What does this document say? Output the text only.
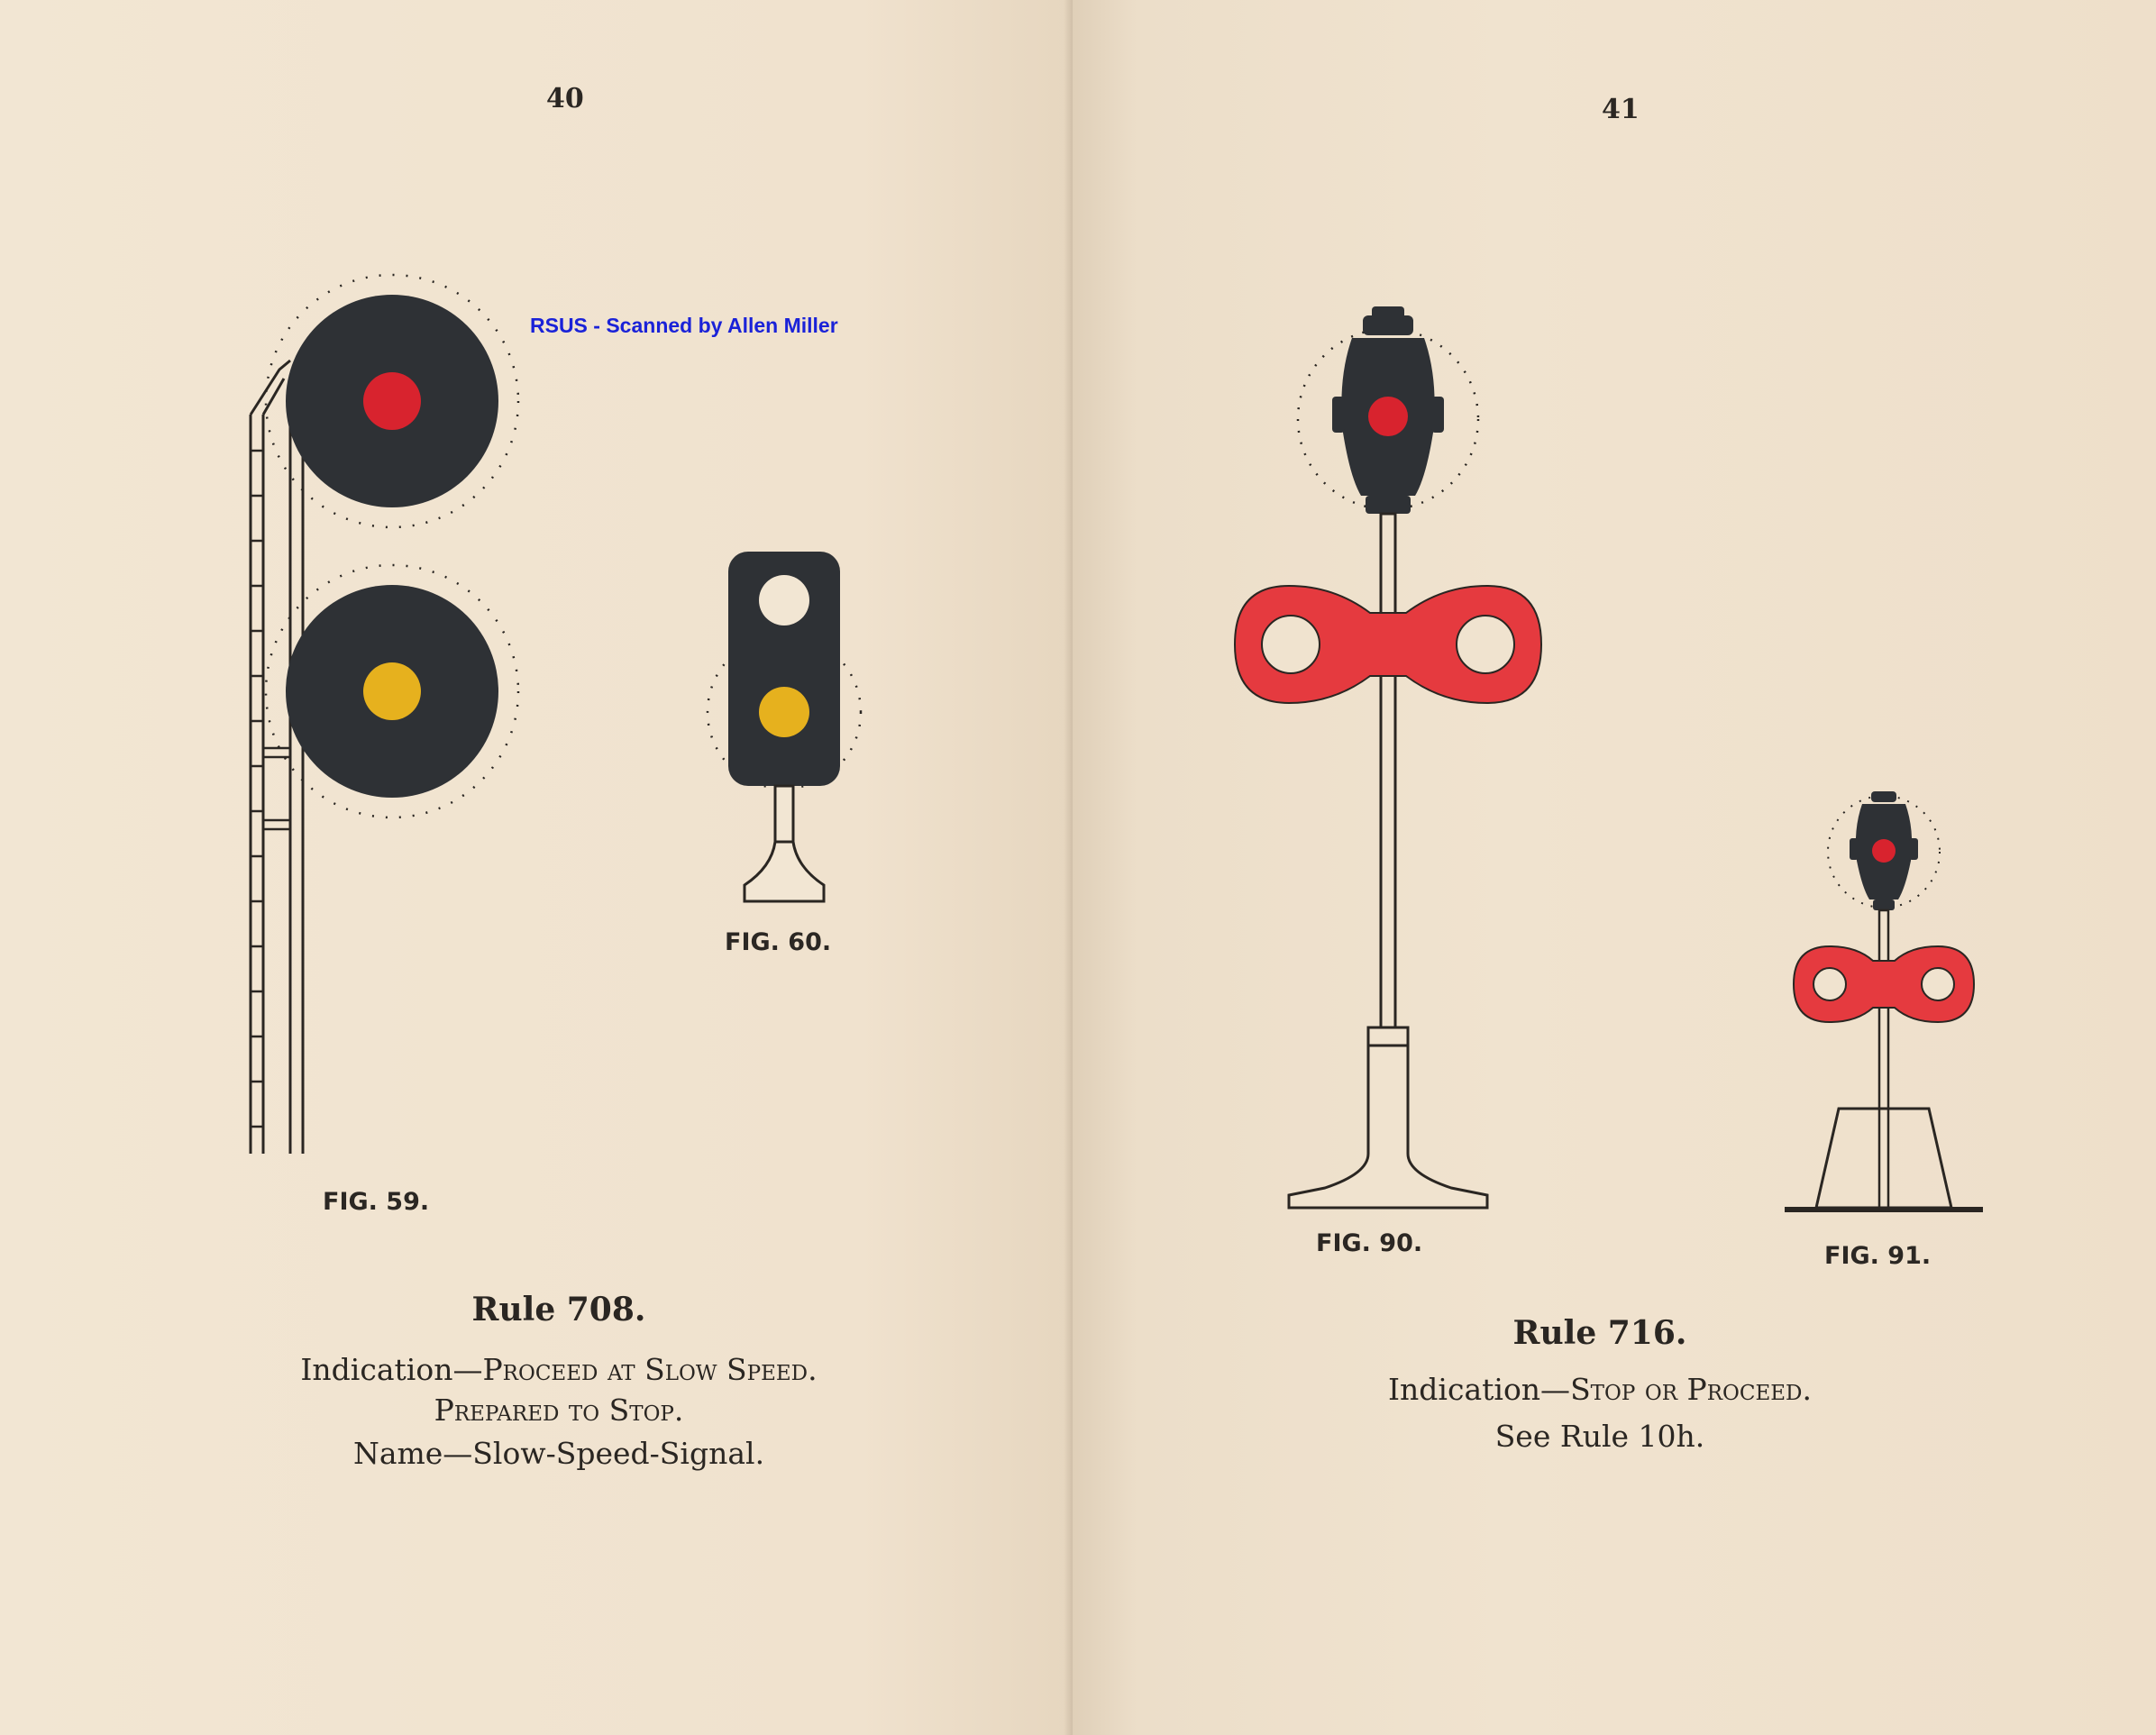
40
RSUS - Scanned by Allen Miller
FIG. 59.
FIG. 60.
Rule 708.
Indication—Proceed at Slow Speed.
Prepared to Stop.
Name—Slow-Speed-Signal.
41
FIG. 90.	FIG. 91.
Rule 716.
Indication—Stop or Proceed.
See Rule 10h.
